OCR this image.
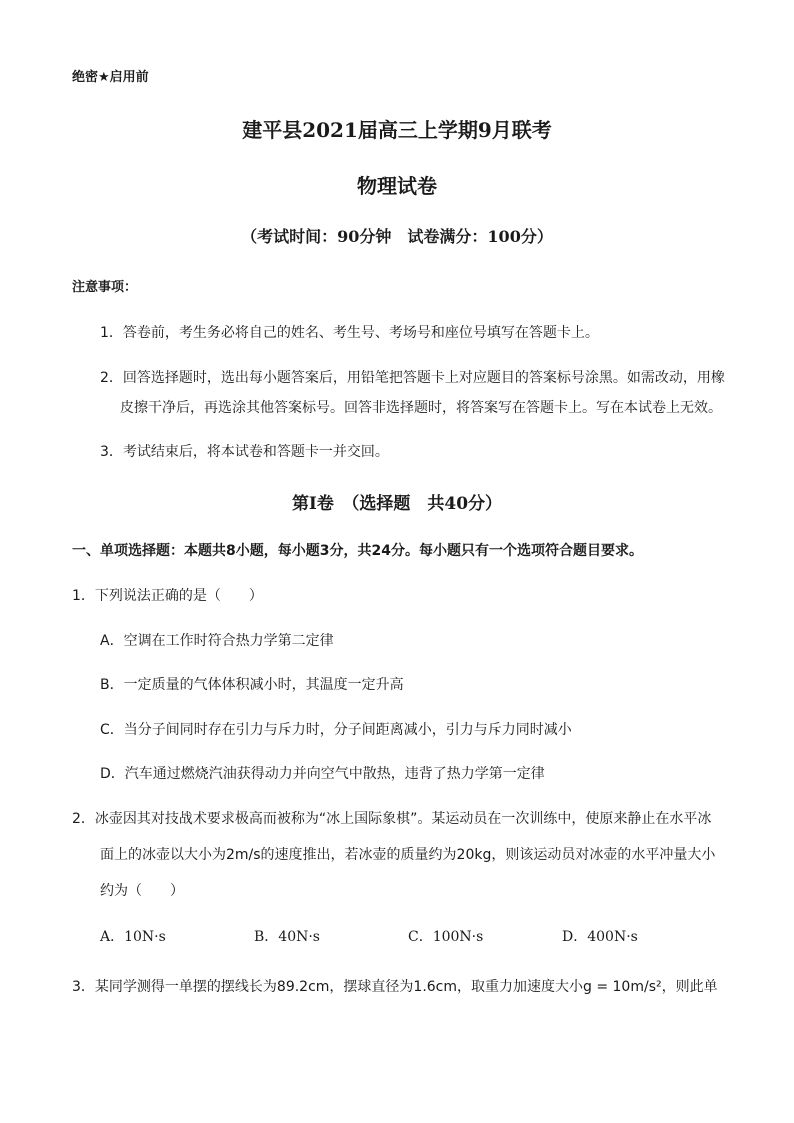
绝密★启用前
建平县2021届高三上学期9月联考
物理试卷
（考试时间：90分钟　试卷满分：100分）
注意事项：
1．答卷前，考生务必将自己的姓名、考生号、考场号和座位号填写在答题卡上。
2．回答选择题时，选出每小题答案后，用铅笔把答题卡上对应题目的答案标号涂黑。如需改动，用橡
皮擦干净后，再选涂其他答案标号。回答非选择题时，将答案写在答题卡上。写在本试卷上无效。
3．考试结束后，将本试卷和答题卡一并交回。
第Ⅰ卷　（选择题　共40分）
一、单项选择题：本题共8小题，每小题3分，共24分。每小题只有一个选项符合题目要求。
1．下列说法正确的是（　　）
A．空调在工作时符合热力学第二定律
B．一定质量的气体体积减小时，其温度一定升高
C．当分子间同时存在引力与斥力时，分子间距离减小，引力与斥力同时减小
D．汽车通过燃烧汽油获得动力并向空气中散热，违背了热力学第一定律
2．冰壶因其对技战术要求极高而被称为“冰上国际象棋”。某运动员在一次训练中，使原来静止在水平冰
面上的冰壶以大小为2m/s的速度推出，若冰壶的质量约为20kg，则该运动员对冰壶的水平冲量大小
约为（　　）
A．10N·s	B．40N·s	C．100N·s	D．400N·s
3．某同学测得一单摆的摆线长为89.2cm，摆球直径为1.6cm，取重力加速度大小g = 10m/s²，则此单
